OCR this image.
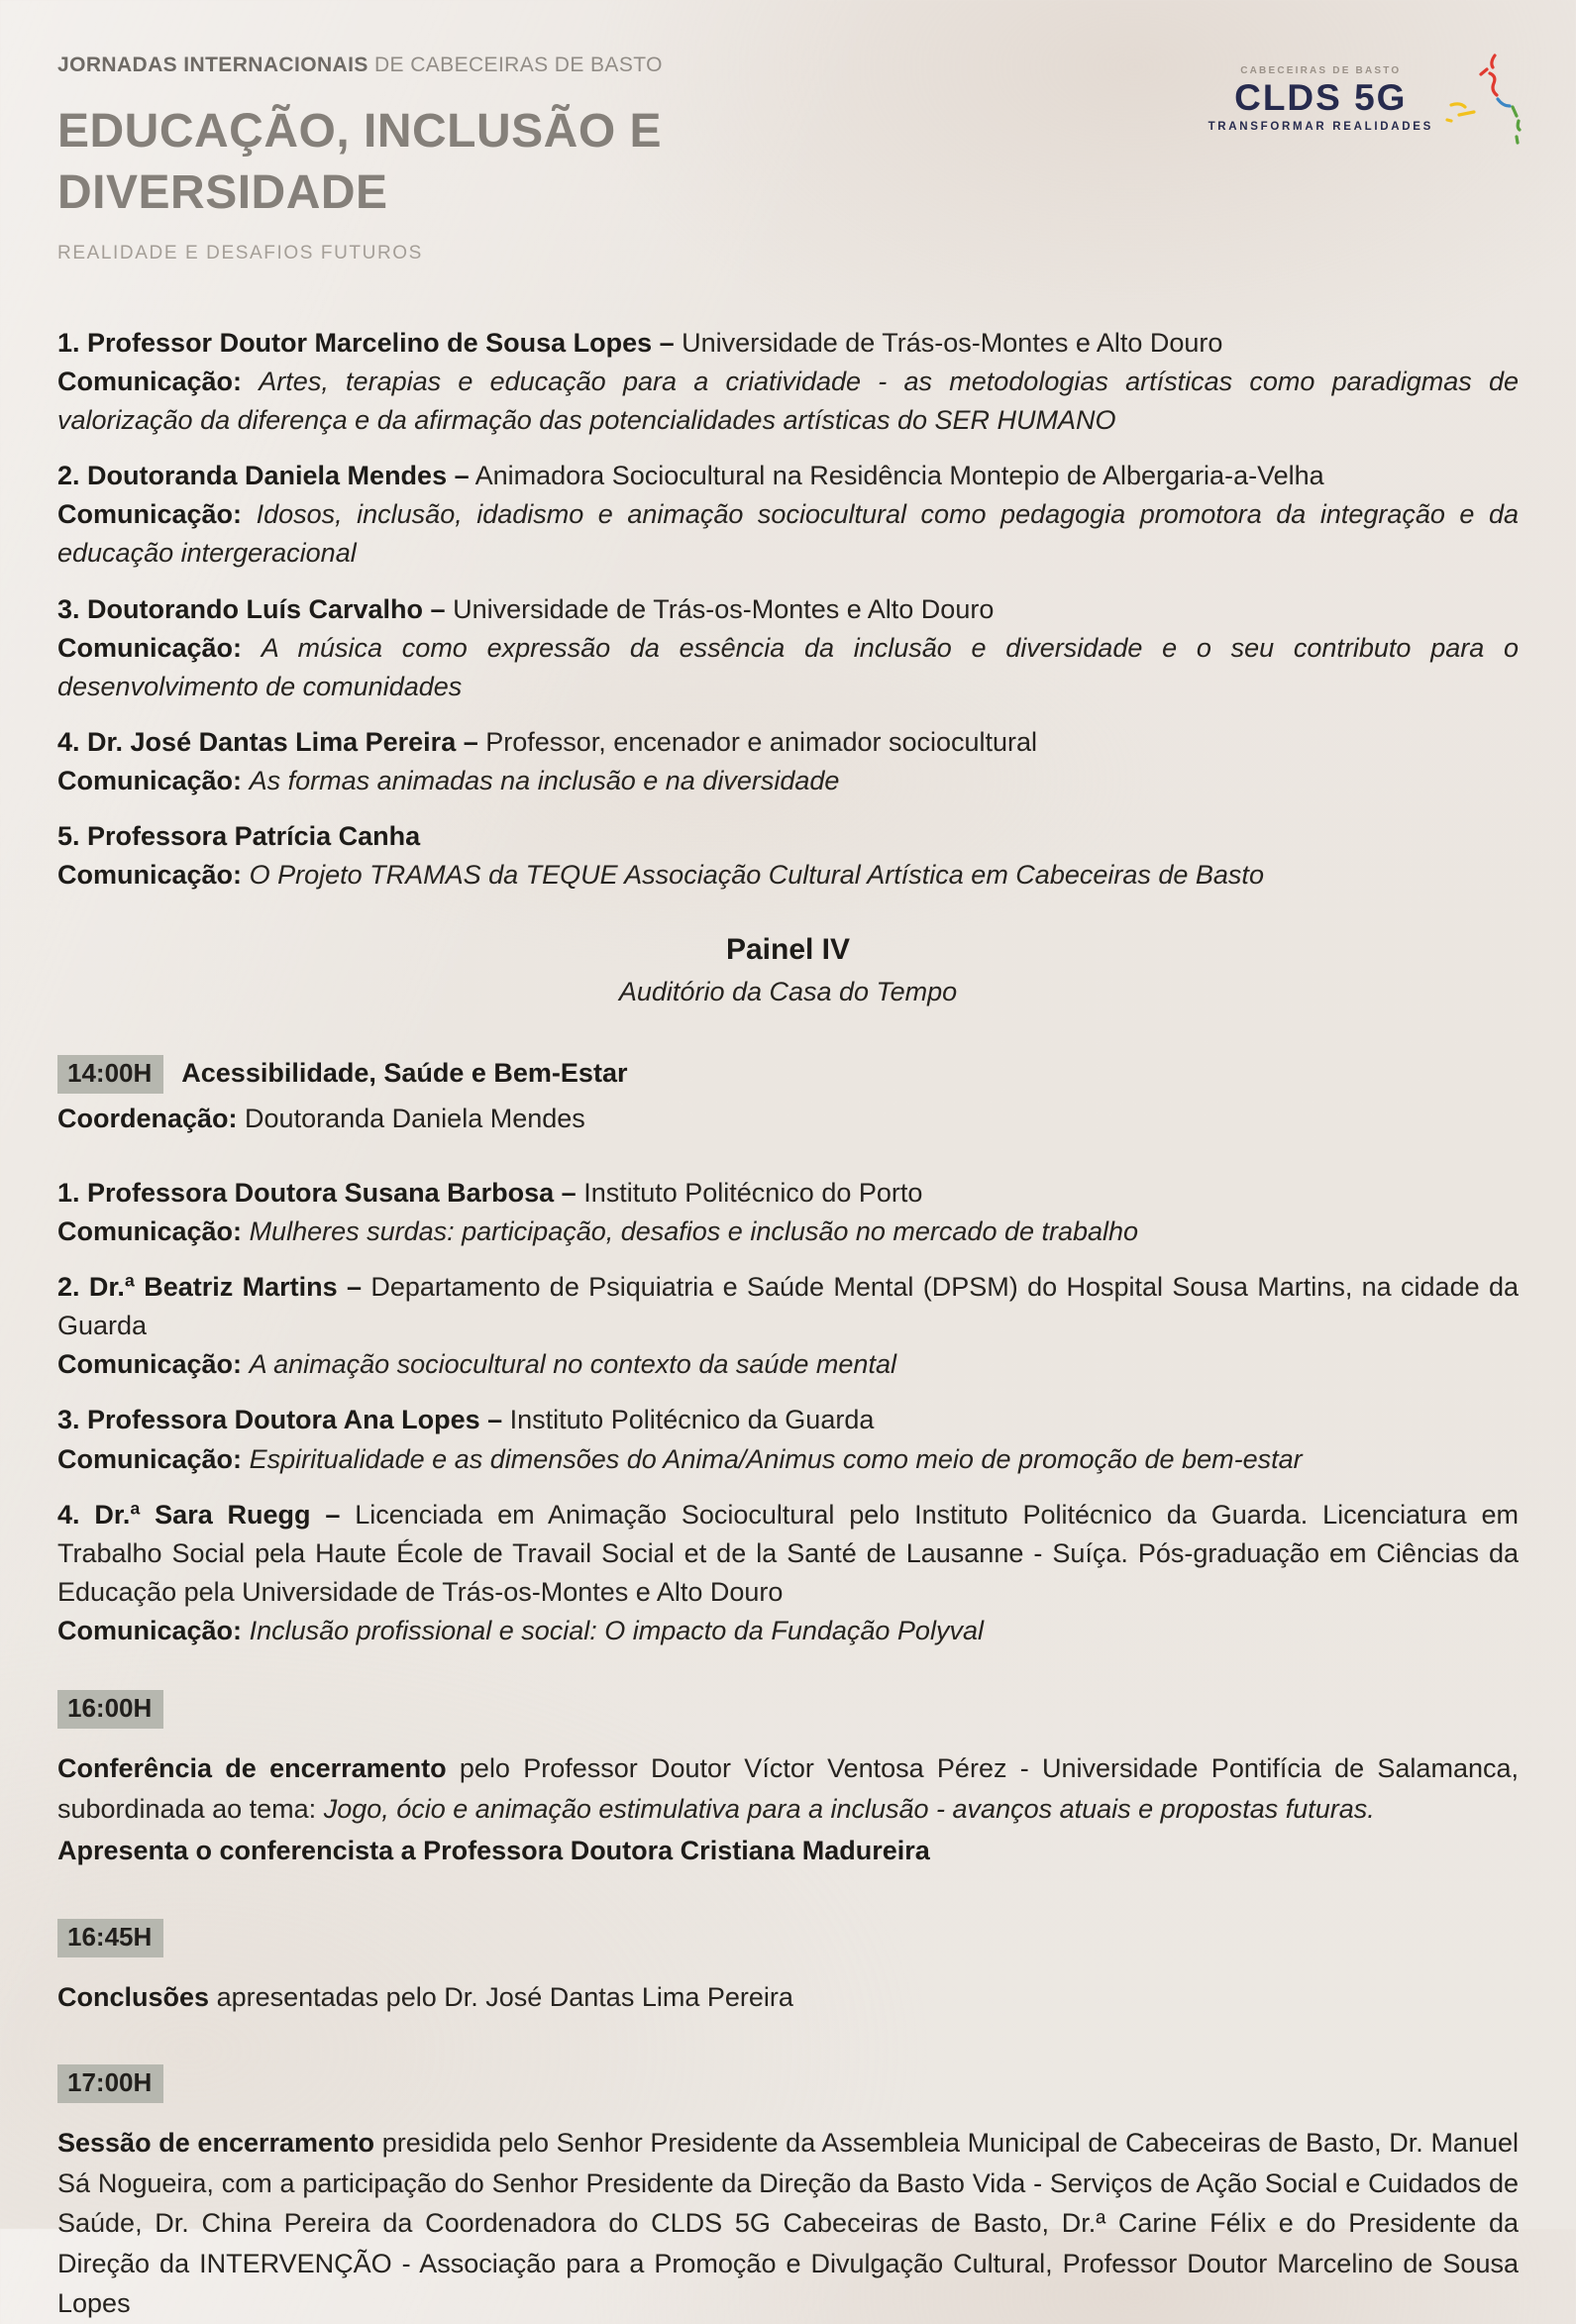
CABECEIRAS DE BASTO
CLDS 5G
TRANSFORMAR REALIDADES

JORNADAS INTERNACIONAIS DE CABECEIRAS DE BASTO

EDUCAÇÃO, INCLUSÃO E
DIVERSIDADE

REALIDADE E DESAFIOS FUTUROS

1. Professor Doutor Marcelino de Sousa Lopes – Universidade de Trás-os-Montes e Alto Douro

Comunicação: Artes, terapias e educação para a criatividade - as metodologias artísticas como paradigmas de valorização da diferença e da afirmação das potencialidades artísticas do SER HUMANO

2. Doutoranda Daniela Mendes – Animadora Sociocultural na Residência Montepio de Albergaria-a-Velha

Comunicação: Idosos, inclusão, idadismo e animação sociocultural como pedagogia promotora da integração e da educação intergeracional

3. Doutorando Luís Carvalho – Universidade de Trás-os-Montes e Alto Douro

Comunicação: A música como expressão da essência da inclusão e diversidade e o seu contributo para o desenvolvimento de comunidades

4. Dr. José Dantas Lima Pereira – Professor, encenador e animador sociocultural

Comunicação: As formas animadas na inclusão e na diversidade

5. Professora Patrícia Canha

Comunicação: O Projeto TRAMAS da TEQUE Associação Cultural Artística em Cabeceiras de Basto

Painel IV

Auditório da Casa do Tempo

14:00H Acessibilidade, Saúde e Bem-Estar

Coordenação: Doutoranda Daniela Mendes

1. Professora Doutora Susana Barbosa – Instituto Politécnico do Porto

Comunicação: Mulheres surdas: participação, desafios e inclusão no mercado de trabalho

2. Dr.ª Beatriz Martins – Departamento de Psiquiatria e Saúde Mental (DPSM) do Hospital Sousa Martins, na cidade da Guarda

Comunicação: A animação sociocultural no contexto da saúde mental

3. Professora Doutora Ana Lopes – Instituto Politécnico da Guarda

Comunicação: Espiritualidade e as dimensões do Anima/Animus como meio de promoção de bem-estar

4. Dr.ª Sara Ruegg – Licenciada em Animação Sociocultural pelo Instituto Politécnico da Guarda. Licenciatura em Trabalho Social pela Haute École de Travail Social et de la Santé de Lausanne - Suíça. Pós-graduação em Ciências da Educação pela Universidade de Trás-os-Montes e Alto Douro

Comunicação: Inclusão profissional e social: O impacto da Fundação Polyval

16:00H

Conferência de encerramento pelo Professor Doutor Víctor Ventosa Pérez - Universidade Pontifícia de Salamanca, subordinada ao tema: Jogo, ócio e animação estimulativa para a inclusão - avanços atuais e propostas futuras.

Apresenta o conferencista a Professora Doutora Cristiana Madureira

16:45H

Conclusões apresentadas pelo Dr. José Dantas Lima Pereira

17:00H

Sessão de encerramento presidida pelo Senhor Presidente da Assembleia Municipal de Cabeceiras de Basto, Dr. Manuel Sá Nogueira, com a participação do Senhor Presidente da Direção da Basto Vida - Serviços de Ação Social e Cuidados de Saúde, Dr. China Pereira da Coordenadora do CLDS 5G Cabeceiras de Basto, Dr.ª Carine Félix e do Presidente da Direção da INTERVENÇÃO - Associação para a Promoção e Divulgação Cultural, Professor Doutor Marcelino de Sousa Lopes
